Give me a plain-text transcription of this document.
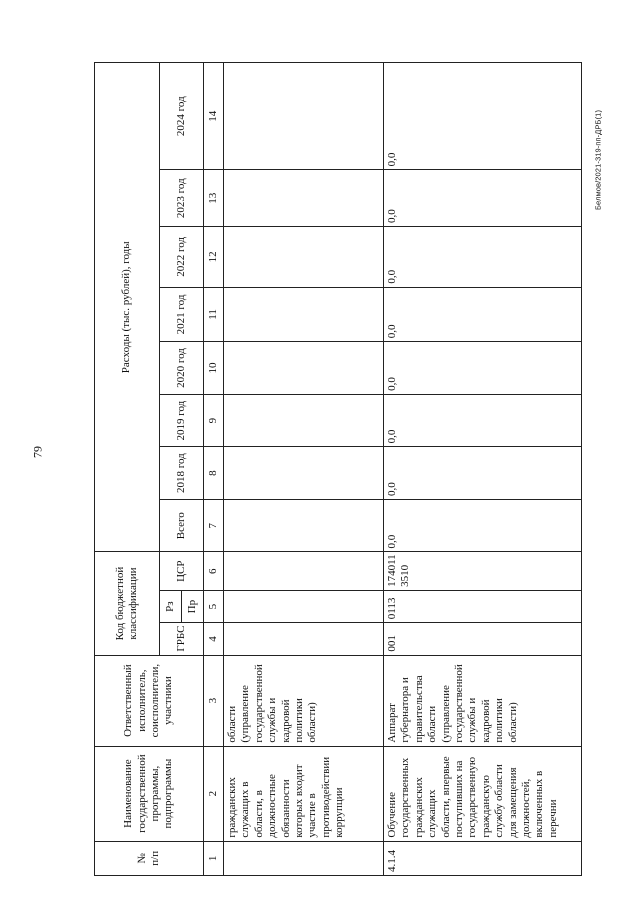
79
Белмов/2021-319-пп-ДРБ(1)
№
п/п	Наименование государственной программы, подпрограммы	Ответственный исполнитель, соисполнители, участники	Код бюджетной классификации			Расходы (тыс. рублей), годы							
			ГРБС	Рз	ЦСР	Всего	2018 год	2019 год	2020 год	2021 год	2022 год	2023 год	2024 год
				Пр									
1	2	3	4	5	6	7	8	9	10	11	12	13	14
	гражданских служащих в области, в должностные обязанности которых входит участие в противодействии коррупции	области (управление государственной службы и кадровой политики области)											
4.1.4	Обучение государственных гражданских служащих области, впервые поступивших на государственную гражданскую службу области для замещения должностей, включенных в перечни	Аппарат губернатора и правительства области (управление государственной службы и кадровой политики области)	001	0113	174011 3510	0,0	0,0	0,0	0,0	0,0	0,0	0,0	0,0
